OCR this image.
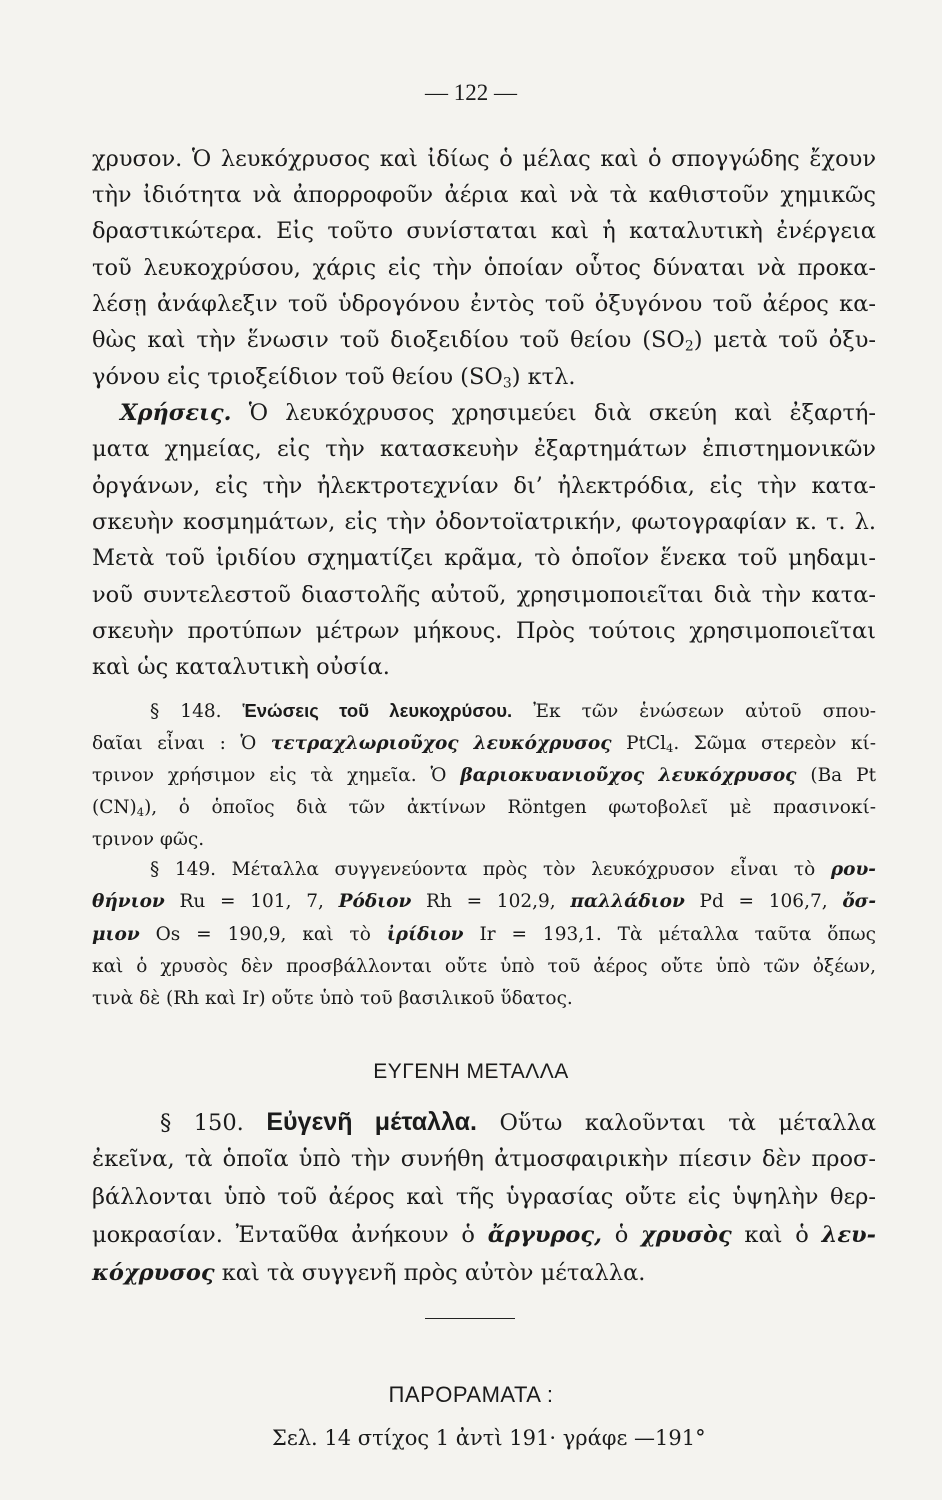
— 122 —
χρυσον. Ὁ λευκόχρυσος καὶ ἰδίως ὁ μέλας καὶ ὁ σπογγώδης ἔχουν
τὴν ἰδιότητα νὰ ἀπορροφοῦν ἀέρια καὶ νὰ τὰ καθιστοῦν χημικῶς
δραστικώτερα. Εἰς τοῦτο συνίσταται καὶ ἡ καταλυτικὴ ἐνέργεια
τοῦ λευκοχρύσου, χάρις εἰς τὴν ὁποίαν οὗτος δύναται νὰ προκα-
λέσῃ ἀνάφλεξιν τοῦ ὑδρογόνου ἐντὸς τοῦ ὀξυγόνου τοῦ ἀέρος κα-
θὼς καὶ τὴν ἕνωσιν τοῦ διοξειδίου τοῦ θείου $(SO_2)$ μετὰ τοῦ ὀξυ-
γόνου εἰς τριοξείδιον τοῦ θείου $(SO_3)$ κτλ.
Χρήσεις. Ὁ λευκόχρυσος χρησιμεύει διὰ σκεύη καὶ ἐξαρτή-
ματα χημείας, εἰς τὴν κατασκευὴν ἐξαρτημάτων ἐπιστημονικῶν
ὀργάνων, εἰς τὴν ἠλεκτροτεχνίαν δι’ ἠλεκτρόδια, εἰς τὴν κατα-
σκευὴν κοσμημάτων, εἰς τὴν ὀδοντοϊατρικήν, φωτογραφίαν κ. τ. λ.
Μετὰ τοῦ ἰριδίου σχηματίζει κρᾶμα, τὸ ὁποῖον ἕνεκα τοῦ μηδαμι-
νοῦ συντελεστοῦ διαστολῆς αὐτοῦ, χρησιμοποιεῖται διὰ τὴν κατα-
σκευὴν προτύπων μέτρων μήκους. Πρὸς τούτοις χρησιμοποιεῖται
καὶ ὡς καταλυτικὴ οὐσία.
§ 148. Ἑνώσεις τοῦ λευκοχρύσου. Ἐκ τῶν ἑνώσεων αὐτοῦ σπου-
δαῖαι εἶναι : Ὁ τετραχλωριοῦχος λευκόχρυσος PtCl$_4$. Σῶμα στερεὸν κί-
τρινον χρήσιμον εἰς τὰ χημεῖα. Ὁ βαριοκυανιοῦχος λευκόχρυσος (Ba Pt
$(CN)_4$), ὁ ὁποῖος διὰ τῶν ἀκτίνων Röntgen φωτοβολεῖ μὲ πρασινοκί-
τρινον φῶς.
§ 149. Μέταλλα συγγενεύοντα πρὸς τὸν λευκόχρυσον εἶναι τὸ ρου-
θήνιον Ru = 101, 7, Ρόδιον Rh = 102,9, παλλάδιον Pd = 106,7, ὄσ-
μιον Os = 190,9, καὶ τὸ ἰρίδιον Ir = 193,1. Τὰ μέταλλα ταῦτα ὅπως
καὶ ὁ χρυσὸς δὲν προσβάλλονται οὔτε ὑπὸ τοῦ ἀέρος οὔτε ὑπὸ τῶν ὀξέων,
τινὰ δὲ (Rh καὶ Ir) οὔτε ὑπὸ τοῦ βασιλικοῦ ὕδατος.
ΕΥΓΕΝΗ ΜΕΤΑΛΛΑ
§ 150. Εὐγενῆ μέταλλα. Οὕτω καλοῦνται τὰ μέταλλα
ἐκεῖνα, τὰ ὁποῖα ὑπὸ τὴν συνήθη ἀτμοσφαιρικὴν πίεσιν δὲν προσ-
βάλλονται ὑπὸ τοῦ ἀέρος καὶ τῆς ὑγρασίας οὔτε εἰς ὑψηλὴν θερ-
μοκρασίαν. Ἐνταῦθα ἀνήκουν ὁ ἄργυρος, ὁ χρυσὸς καὶ ὁ λευ-
κόχρυσος καὶ τὰ συγγενῆ πρὸς αὐτὸν μέταλλα.
ΠΑΡΟΡΑΜΑΤΑ :
Σελ. 14 στίχος 1 ἀντὶ 191· γράφε —191°
